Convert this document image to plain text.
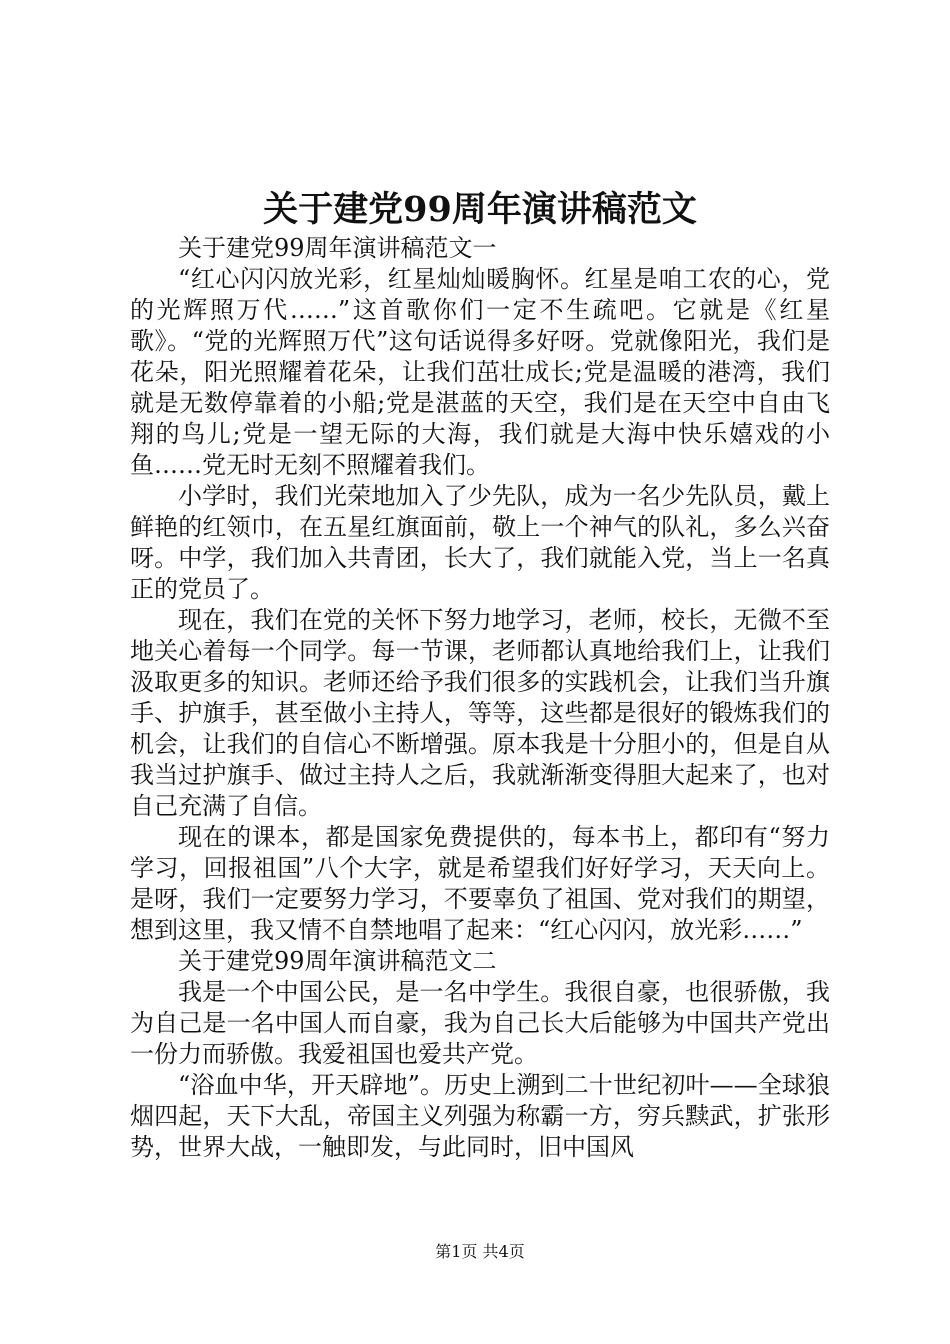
关于建党99周年演讲稿范文

关于建党99周年演讲稿范文一

“红心闪闪放光彩，红星灿灿暖胸怀。红星是咱工农的心，党的光辉照万代……”这首歌你们一定不生疏吧。它就是《红星歌》。“党的光辉照万代”这句话说得多好呀。党就像阳光，我们是花朵，阳光照耀着花朵，让我们茁壮成长;党是温暖的港湾，我们就是无数停靠着的小船;党是湛蓝的天空，我们是在天空中自由飞翔的鸟儿;党是一望无际的大海，我们就是大海中快乐嬉戏的小鱼……党无时无刻不照耀着我们。

小学时，我们光荣地加入了少先队，成为一名少先队员，戴上鲜艳的红领巾，在五星红旗面前，敬上一个神气的队礼，多么兴奋呀。中学，我们加入共青团，长大了，我们就能入党，当上一名真正的党员了。

现在，我们在党的关怀下努力地学习，老师，校长，无微不至地关心着每一个同学。每一节课，老师都认真地给我们上，让我们汲取更多的知识。老师还给予我们很多的实践机会，让我们当升旗手、护旗手，甚至做小主持人，等等，这些都是很好的锻炼我们的机会，让我们的自信心不断增强。原本我是十分胆小的，但是自从我当过护旗手、做过主持人之后，我就渐渐变得胆大起来了，也对自己充满了自信。

现在的课本，都是国家免费提供的，每本书上，都印有“努力学习，回报祖国”八个大字，就是希望我们好好学习，天天向上。是呀，我们一定要努力学习，不要辜负了祖国、党对我们的期望，想到这里，我又情不自禁地唱了起来：“红心闪闪，放光彩……”

关于建党99周年演讲稿范文二

我是一个中国公民，是一名中学生。我很自豪，也很骄傲，我为自己是一名中国人而自豪，我为自己长大后能够为中国共产党出一份力而骄傲。我爱祖国也爱共产党。

“浴血中华，开天辟地”。历史上溯到二十世纪初叶——全球狼烟四起，天下大乱，帝国主义列强为称霸一方，穷兵黩武，扩张形势，世界大战，一触即发，与此同时，旧中国风

第1页 共4页
